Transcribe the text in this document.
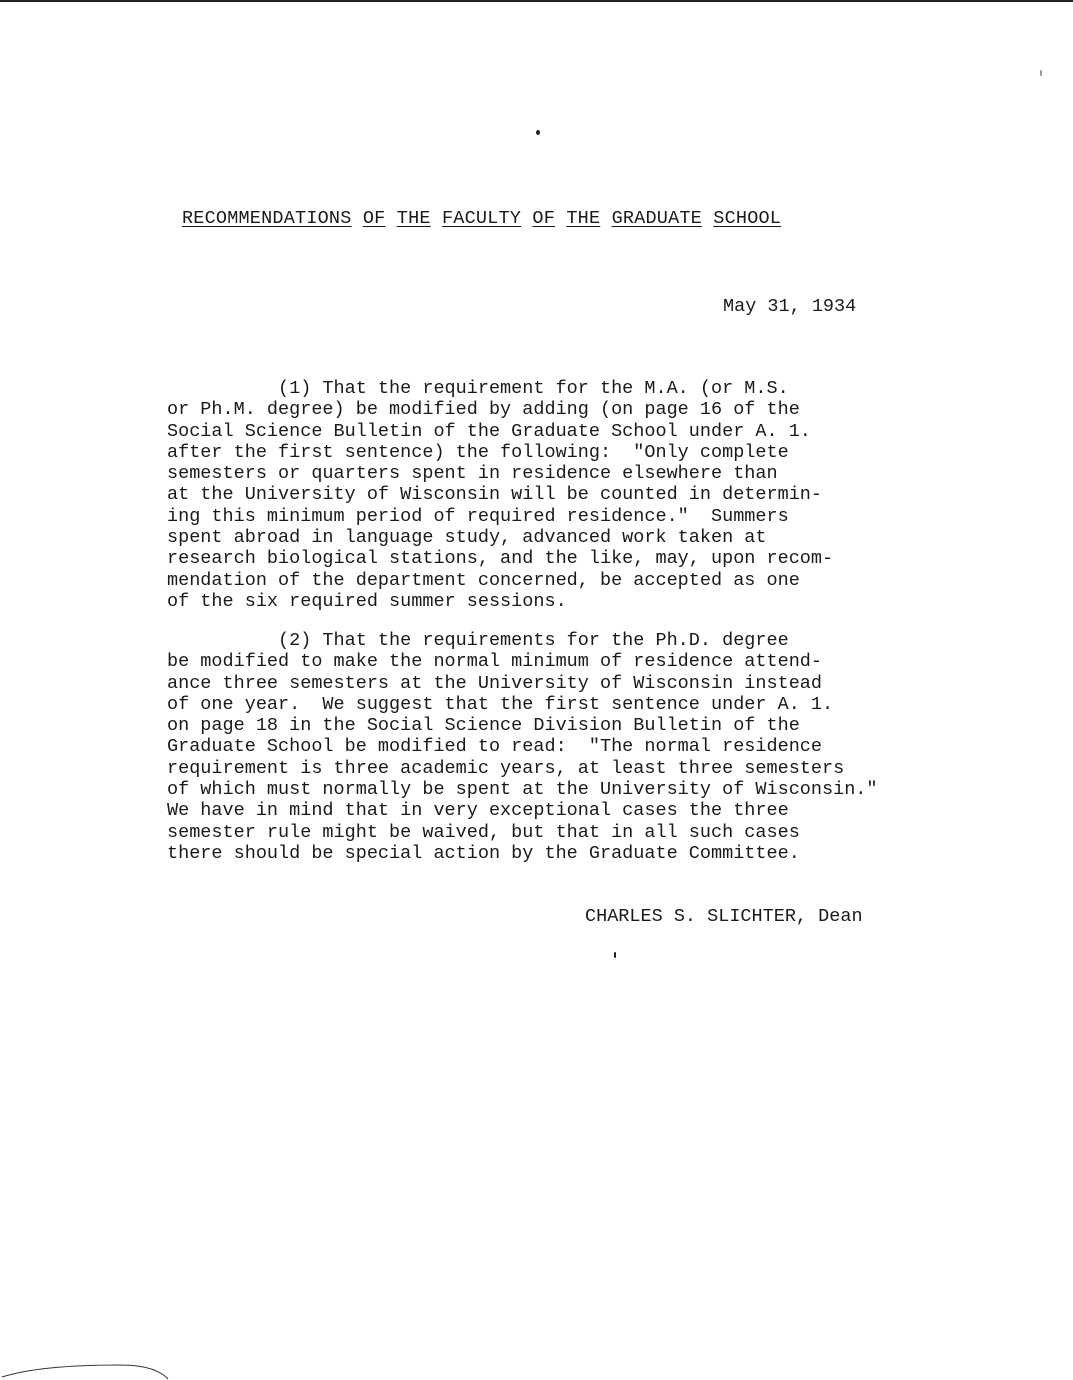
RECOMMENDATIONS OF THE FACULTY OF THE GRADUATE SCHOOL
May 31, 1934
(1) That the requirement for the M.A. (or M.S.
or Ph.M. degree) be modified by adding (on page 16 of the
Social Science Bulletin of the Graduate School under A. 1.
after the first sentence) the following:  "Only complete
semesters or quarters spent in residence elsewhere than
at the University of Wisconsin will be counted in determin-
ing this minimum period of required residence."  Summers
spent abroad in language study, advanced work taken at
research biological stations, and the like, may, upon recom-
mendation of the department concerned, be accepted as one
of the six required summer sessions.
(2) That the requirements for the Ph.D. degree
be modified to make the normal minimum of residence attend-
ance three semesters at the University of Wisconsin instead
of one year.  We suggest that the first sentence under A. 1.
on page 18 in the Social Science Division Bulletin of the
Graduate School be modified to read:  "The normal residence
requirement is three academic years, at least three semesters
of which must normally be spent at the University of Wisconsin."
We have in mind that in very exceptional cases the three
semester rule might be waived, but that in all such cases
there should be special action by the Graduate Committee.
CHARLES S. SLICHTER, Dean
